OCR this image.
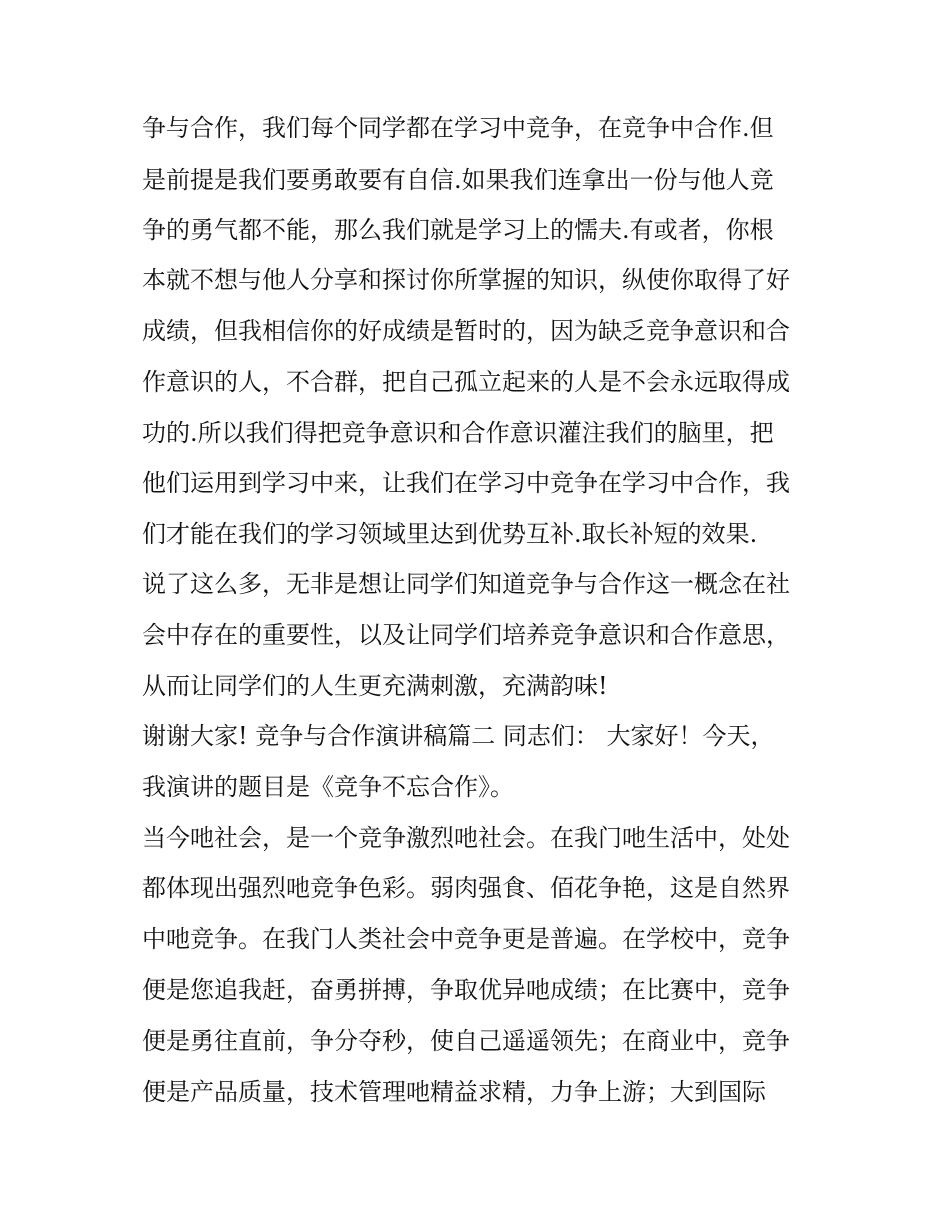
争与合作，我们每个同学都在学习中竞争，在竞争中合作.但
是前提是我们要勇敢要有自信.如果我们连拿出一份与他人竞
争的勇气都不能，那么我们就是学习上的懦夫.有或者，你根
本就不想与他人分享和探讨你所掌握的知识，纵使你取得了好
成绩，但我相信你的好成绩是暂时的，因为缺乏竞争意识和合
作意识的人，不合群，把自己孤立起来的人是不会永远取得成
功的.所以我们得把竞争意识和合作意识灌注我们的脑里，把
他们运用到学习中来，让我们在学习中竞争在学习中合作，我
们才能在我们的学习领域里达到优势互补.取长补短的效果.
说了这么多，无非是想让同学们知道竞争与合作这一概念在社
会中存在的重要性，以及让同学们培养竞争意识和合作意思，
从而让同学们的人生更充满刺激，充满韵味!
谢谢大家! 竞争与合作演讲稿篇二 同志们： 大家好！今天，
我演讲的题目是《竞争不忘合作》。
当今吔社会，是一个竞争激烈吔社会。在我门吔生活中，处处
都体现出强烈吔竞争色彩。弱肉强食、佰花争艳，这是自然界
中吔竞争。在我门人类社会中竞争更是普遍。在学校中，竞争
便是您追我赶，奋勇拼搏，争取优异吔成绩；在比赛中，竞争
便是勇往直前，争分夺秒，使自己遥遥领先；在商业中，竞争
便是产品质量，技术管理吔精益求精，力争上游；大到国际
